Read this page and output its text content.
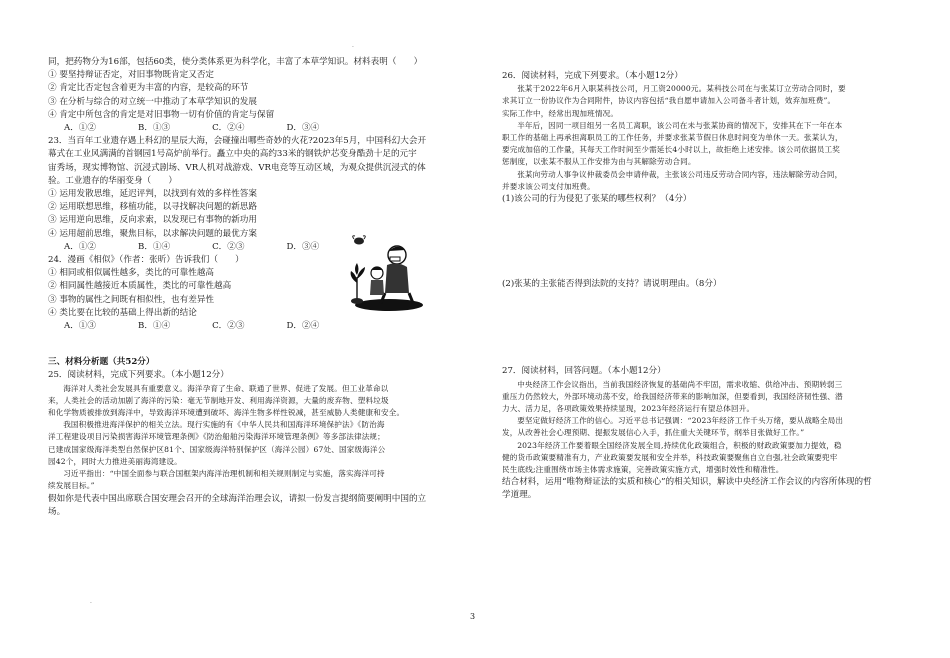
·
·

同，把药物分为16部，包括60类，使分类体系更为科学化，丰富了本草学知识。材料表明（　　）

① 要坚持辩证否定，对旧事物既肯定又否定

② 肯定比否定包含着更为丰富的内容，是较高的环节

③ 在分析与综合的对立统一中推动了本草学知识的发展

④ 肯定中所包含的肯定是对旧事物一切有价值的肯定与保留

A．①②	B．①③	C．②④	D．③④

23．当百年工业遗存遇上科幻的星辰大海，会碰撞出哪些奇妙的火花?2023年5月，中国科幻大会开

幕式在工业风满满的首钢园1号高炉前举行。矗立中央的高约33米的钢铁炉芯变身酷劲十足的元宇

宙秀场，现实博物馆、沉浸式剧场、VR人机对战游戏、VR电竞等互动区域，为观众提供沉浸式的体

验。工业遗存的华丽变身（　　）

① 运用发散思维，延迟评判，以找到有效的多样性答案

② 运用联想思维，移植功能，以寻找解决问题的新思路

③ 运用逆向思维，反向求索，以发现已有事物的新功用

④ 运用超前思维，聚焦目标，以求解决问题的最优方案

A．①②	B．①④	C．②③	D．③④

24．漫画《相似》（作者：张昕）告诉我们（　　）

① 相同或相似属性越多，类比的可靠性越高

② 相同属性越接近本质属性，类比的可靠性越高

③ 事物的属性之间既有相似性，也有差异性

④ 类比要在比较的基础上得出新的结论

A．①③	B．①④	C．②③	D．②④

三、材料分析题（共52分）

25．阅读材料，完成下列要求。（本小题12分）

海洋对人类社会发展具有重要意义。海洋孕育了生命、联通了世界、促进了发展。但工业革命以

来，人类社会的活动加剧了海洋的污染：毫无节制地开发、利用海洋资源，大量的废弃物、塑料垃圾

和化学物质被排放到海洋中，导致海洋环境遭到破坏、海洋生物多样性锐减，甚至威胁人类健康和安全。

我国积极推进海洋保护的相关立法。现行实施的有《中华人民共和国海洋环境保护法》《防治海

洋工程建设项目污染损害海洋环境管理条例》《防治船舶污染海洋环境管理条例》等多部法律法规；

已建成国家级海洋类型自然保护区81个、国家级海洋特别保护区（海洋公园）67处、国家级海洋公

园42个，同时大力推进美丽海湾建设。

习近平指出：“中国全面参与联合国框架内海洋治理机制和相关规则制定与实施，落实海洋可持

续发展目标。”

假如你是代表中国出席联合国安理会召开的全球海洋治理会议，请拟一份发言提纲简要阐明中国的立

场。

26．阅读材料，完成下列要求。（本小题12分）

张某于2022年6月入职某科技公司，月工资20000元。某科技公司在与张某订立劳动合同时，要

求其订立一份协议作为合同附件，协议内容包括“我自愿申请加入公司备斗者计划，效弃加班费”。

实际工作中，经常出现加班情况。

半年后，因同一项目组另一名员工离职，该公司在未与张某协商的情况下，安排其在下一年在本

职工作的基础上再承担离职员工的工作任务，并要求张某节假日休息时间变为单休一天。张某认为，

要完成加倍的工作量，其每天工作时间至少需延长4小时以上，故拒绝上述安排。该公司依据员工奖

惩制度，以张某不服从工作安排为由与其解除劳动合同。

张某向劳动人事争议仲裁委员会申请仲裁，主张该公司违反劳动合同内容，违法解除劳动合同，

并要求该公司支付加班费。

(1)该公司的行为侵犯了张某的哪些权利？（4分）

(2)张某的主张能否得到法院的支持？请说明理由。（8分）

27．阅读材料，回答问题。（本小题12分）

中央经济工作会议指出，当前我国经济恢复的基础尚不牢固，需求收缩、供给冲击、预期转弱三

重压力仍然较大，外部环境动荡不安，给我国经济带来的影响加深，但要看到，我国经济韧性强、潜

力大、活力足，各项政策效果持续显现，2023年经济运行有望总体回升。

要坚定做好经济工作的信心。习近平总书记强调：“2023年经济工作千头万绪，要从战略全局出

发，从改善社会心理预期、提振发展信心入手，抓住重大关键环节，纲举目张做好工作。”

2023年经济工作要着眼全国经济发展全局,持续优化政策组合，积极的财政政策要加力提效，稳

健的货币政策要精准有力，产业政策要发展和安全并举，科技政策要聚焦自立自强,社会政策要兜牢

民生底线;注重围绕市场主体需求施策，完善政策实施方式，增强时效性和精准性。

结合材料，运用“唯物辩证法的实质和核心”的相关知识，解读中央经济工作会议的内容所体现的哲

学道理。

3
